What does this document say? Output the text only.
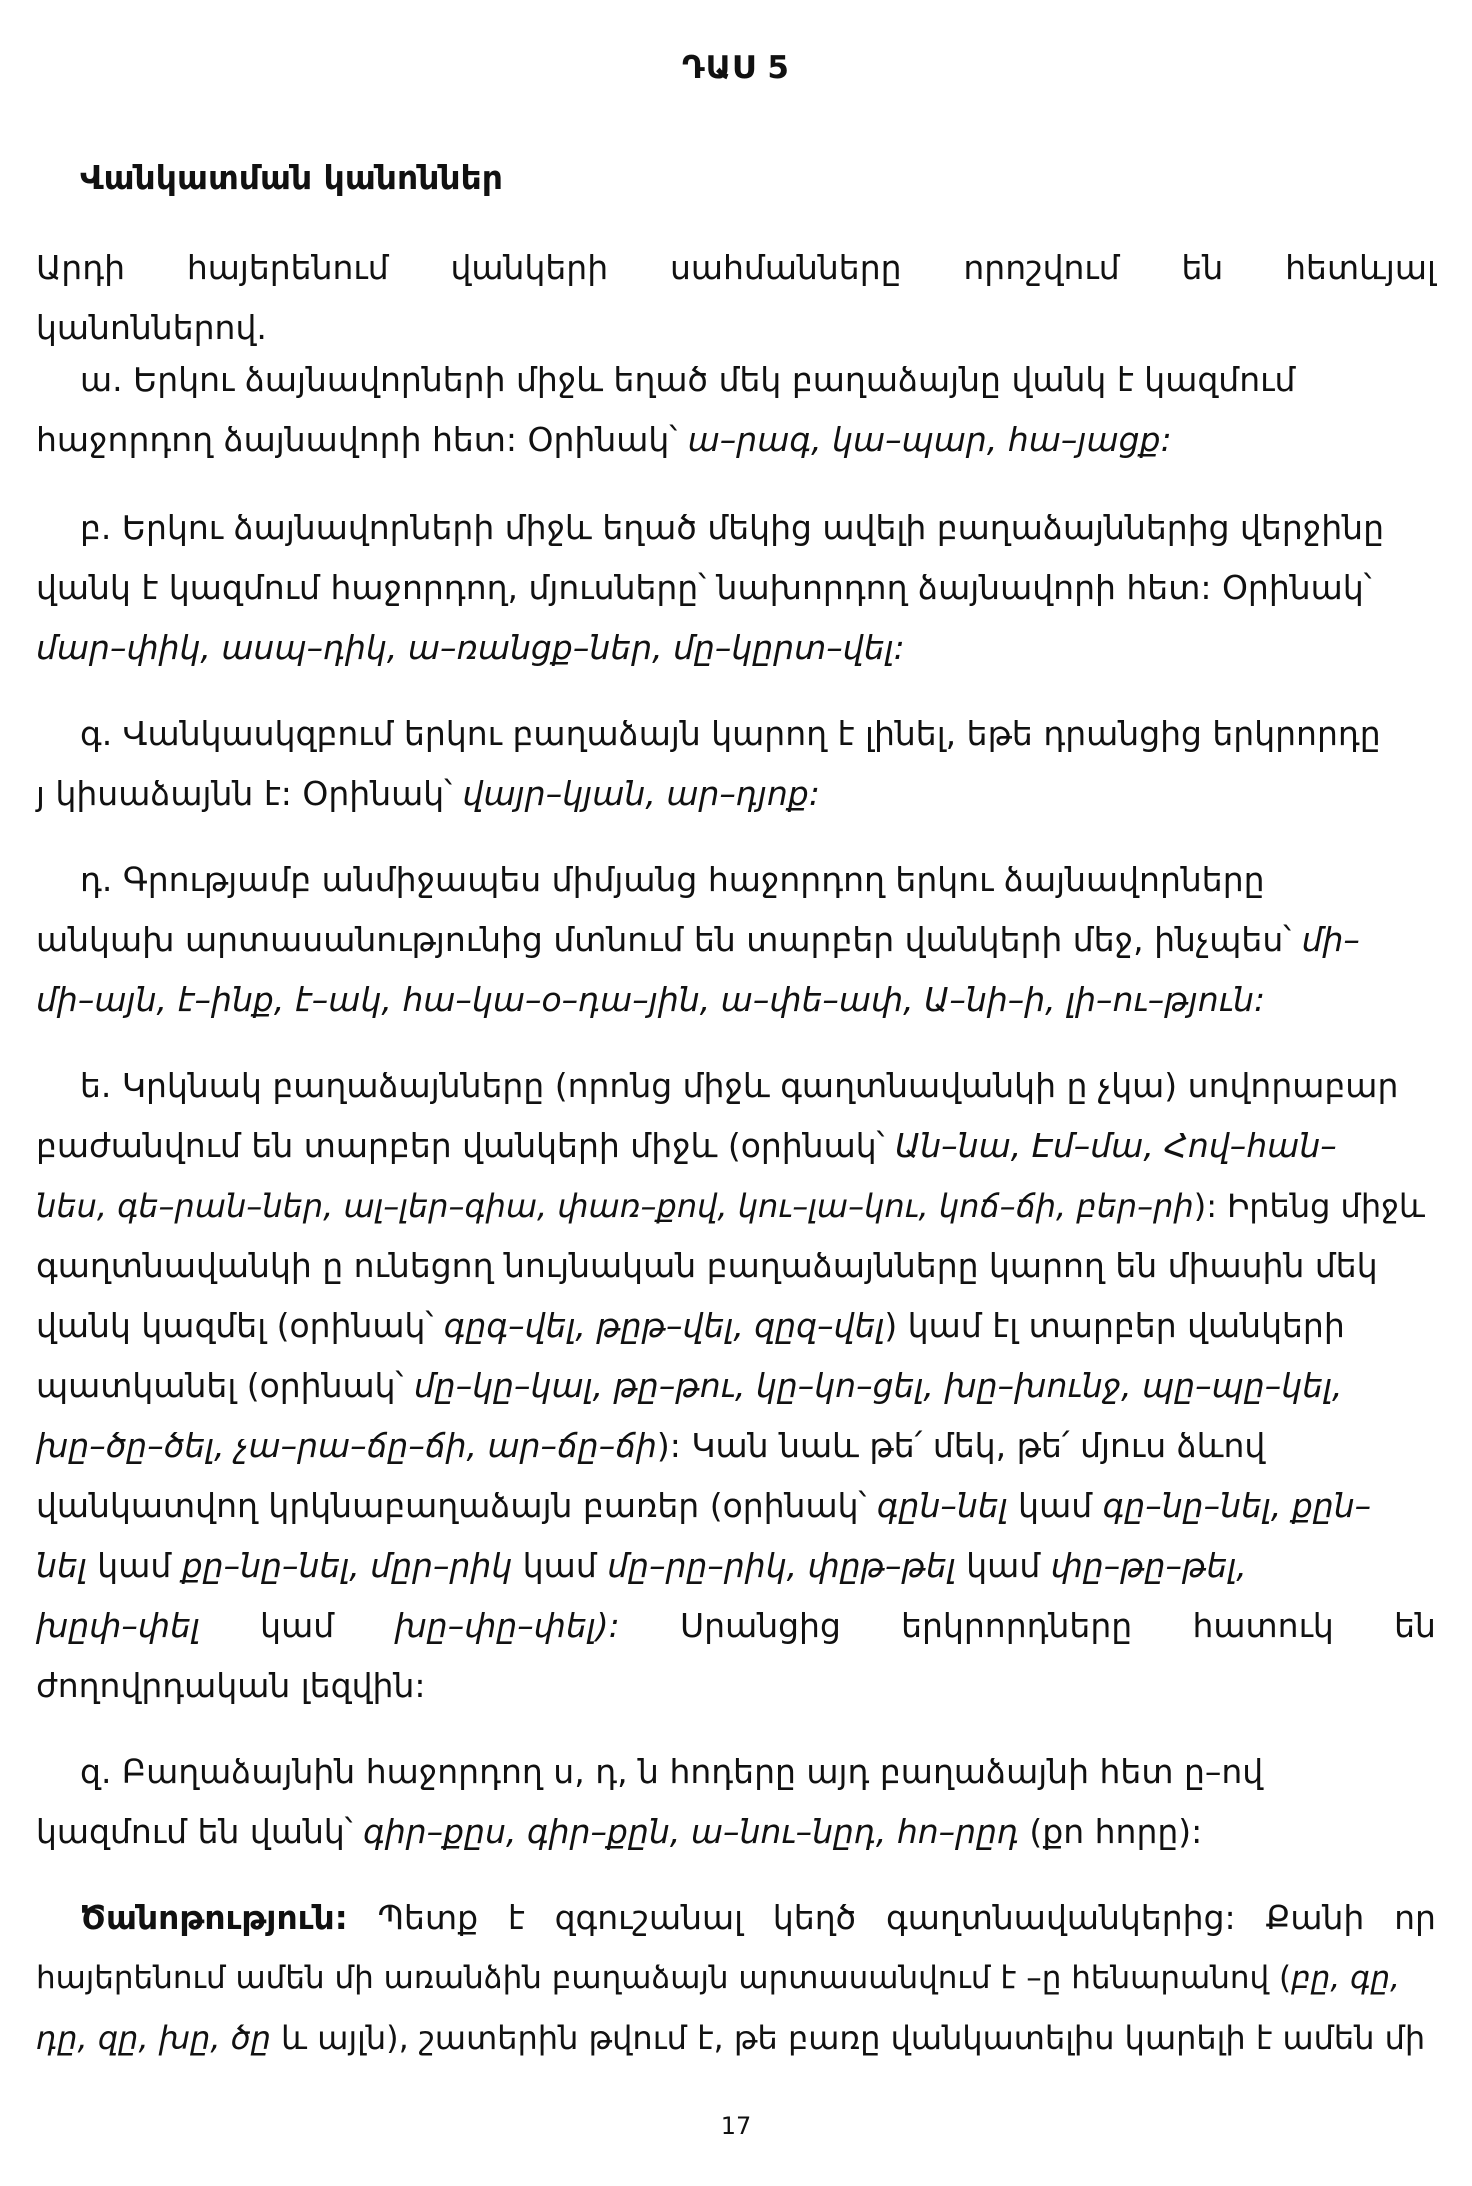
ԴԱՍ 5
Վանկատման կանոններ
Արդի հայերենում վանկերի սահմանները որոշվում են հետևյալ
կանոններով.
ա. Երկու ձայնավորների միջև եղած մեկ բաղաձայնը վանկ է կազմում
հաջորդող ձայնավորի հետ: Օրինակ՝ ա–րագ, կա–պար, հա–յացք:
բ. Երկու ձայնավորների միջև եղած մեկից ավելի բաղաձայններից վերջինը
վանկ է կազմում հաջորդող, մյուսները՝ նախորդող ձայնավորի հետ: Օրինակ՝
մար–փիկ, ասպ–դիկ, ա–ռանցք–ներ, մը–կըրտ–վել:
գ. Վանկասկզբում երկու բաղաձայն կարող է լինել, եթե դրանցից երկրորդը
յ կիսաձայնն է: Օրինակ՝ վայր–կյան, ար–դյոք:
դ. Գրությամբ անմիջապես միմյանց հաջորդող երկու ձայնավորները
անկախ արտասանությունից մտնում են տարբեր վանկերի մեջ, ինչպես՝ մի–
մի–այն, է–ինք, է–ակ, հա–կա–օ–դա–յին, ա–փե–ափ, Ա–նի–ի, լի–ու–թյուն:
ե. Կրկնակ բաղաձայնները (որոնց միջև գաղտնավանկի ը չկա) սովորաբար
բաժանվում են տարբեր վանկերի միջև (օրինակ՝ Ան–նա, Էմ–մա, Հով–հան–
նես, գե–րան–ներ, ալ–լեր–գիա, փառ–քով, կու–լա–կու, կոճ–ճի, բեր–րի): Իրենց միջև
գաղտնավանկի ը ունեցող նույնական բաղաձայնները կարող են միասին մեկ
վանկ կազմել (օրինակ՝ գըգ–վել, թըթ–վել, զըզ–վել) կամ էլ տարբեր վանկերի
պատկանել (օրինակ՝ մը–կը–կալ, թը–թու, կը–կո–ցել, խը–խունջ, պը–պը–կել,
խը–ծը–ծել, չա–րա–ճը–ճի, ար–ճը–ճի): Կան նաև թե՛ մեկ, թե՛ մյուս ձևով
վանկատվող կրկնաբաղաձայն բառեր (օրինակ՝ գըն–նել կամ գը–նը–նել, քըն–
նել կամ քը–նը–նել, մըր–րիկ կամ մը–րը–րիկ, փըթ–թել կամ փը–թը–թել,
խըփ–փել կամ խը–փը–փել): Սրանցից երկրորդները հատուկ են
ժողովրդական լեզվին:
զ. Բաղաձայնին հաջորդող ս, դ, ն հոդերը այդ բաղաձայնի հետ ը–ով
կազմում են վանկ՝ գիր–քըս, գիր–քըն, ա–նու–նըդ, հո–րըդ (քո հորը):
Ծանոթություն: Պետք է զգուշանալ կեղծ գաղտնավանկերից: Քանի որ
հայերենում ամեն մի առանձին բաղաձայն արտասանվում է –ը հենարանով (բը, գը,
դը, զը, խը, ծը և այլն), շատերին թվում է, թե բառը վանկատելիս կարելի է ամեն մի
17
